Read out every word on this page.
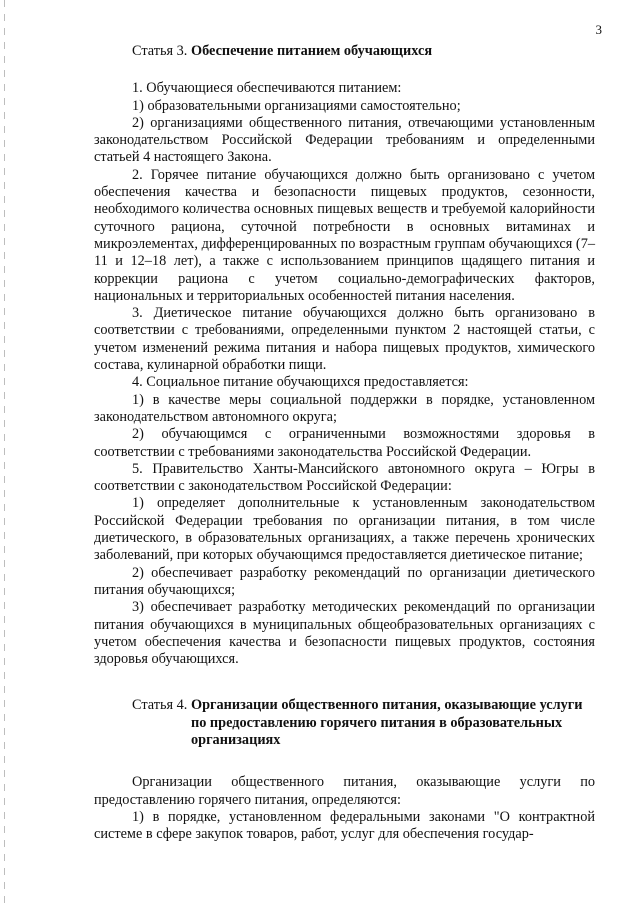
3

Статья 3. Обеспечение питанием обучающихся

1. Обучающиеся обеспечиваются питанием:

1) образовательными организациями самостоятельно;

2) организациями общественного питания, отвечающими установленным законодательством Российской Федерации требованиям и определенными статьей 4 настоящего Закона.

2. Горячее питание обучающихся должно быть организовано с учетом обеспечения качества и безопасности пищевых продуктов, сезонности, необходимого количества основных пищевых веществ и требуемой калорийности суточного рациона, суточной потребности в основных витаминах и микроэлементах, дифференцированных по возрастным группам обучающихся (7–11 и 12–18 лет), а также с использованием принципов щадящего питания и коррекции рациона с учетом социально-демографических факторов, национальных и территориальных особенностей питания населения.

3. Диетическое питание обучающихся должно быть организовано в соответствии с требованиями, определенными пунктом 2 настоящей статьи, с учетом изменений режима питания и набора пищевых продуктов, химического состава, кулинарной обработки пищи.

4. Социальное питание обучающихся предоставляется:

1) в качестве меры социальной поддержки в порядке, установленном законодательством автономного округа;

2) обучающимся с ограниченными возможностями здоровья в соответствии с требованиями законодательства Российской Федерации.

5. Правительство Ханты-Мансийского автономного округа – Югры в соответствии с законодательством Российской Федерации:

1) определяет дополнительные к установленным законодательством Российской Федерации требования по организации питания, в том числе диетического, в образовательных организациях, а также перечень хронических заболеваний, при которых обучающимся предоставляется диетическое питание;

2) обеспечивает разработку рекомендаций по организации диетического питания обучающихся;

3) обеспечивает разработку методических рекомендаций по организации питания обучающихся в муниципальных общеобразовательных организациях с учетом обеспечения качества и безопасности пищевых продуктов, состояния здоровья обучающихся.

Статья 4.
Организации общественного питания, оказывающие услуги по предоставлению горячего питания в образовательных организациях

Организации общественного питания, оказывающие услуги по предоставлению горячего питания, определяются:

1) в порядке, установленном федеральными законами "О контрактной системе в сфере закупок товаров, работ, услуг для обеспечения государ-
